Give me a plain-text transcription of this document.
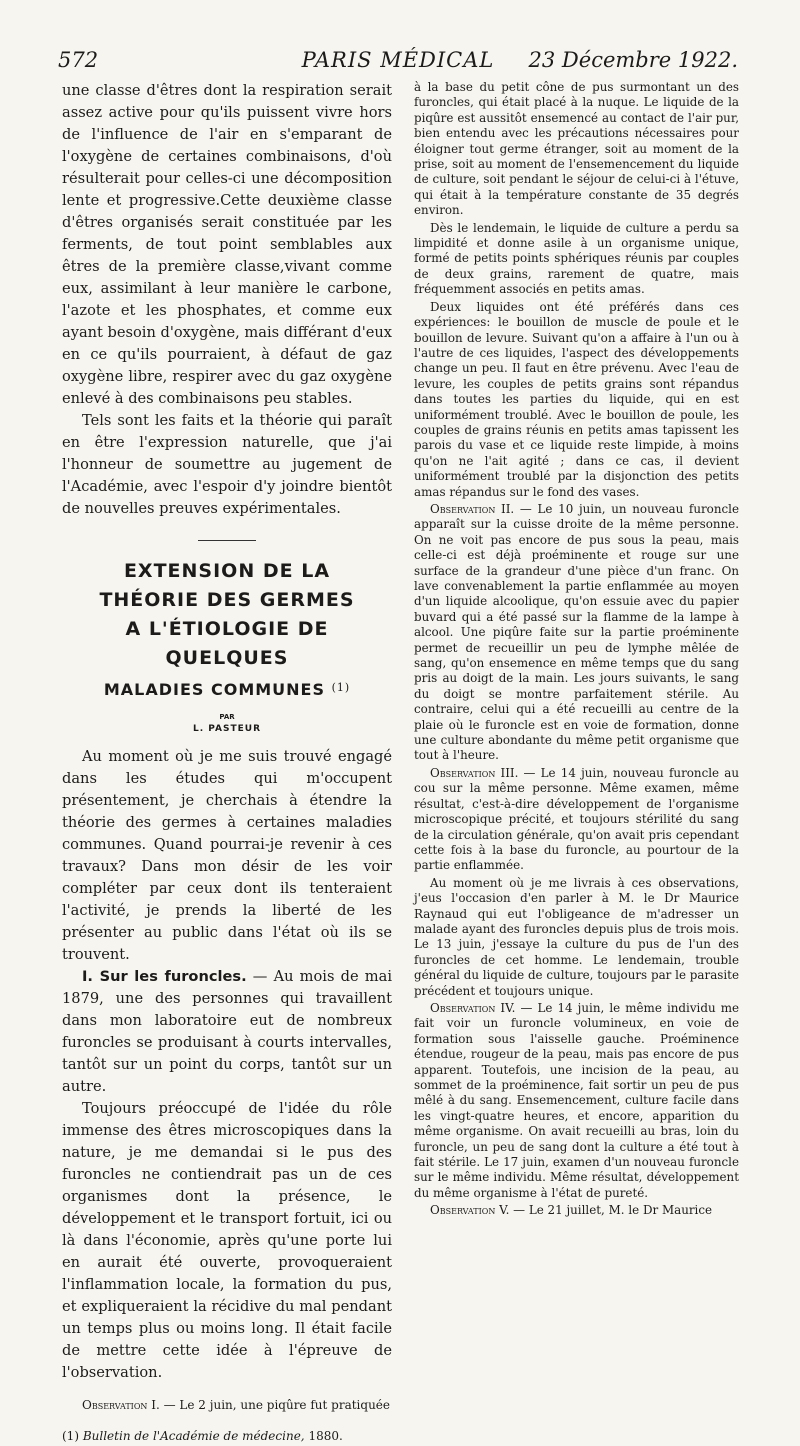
572	PARIS MÉDICAL	23 Décembre 1922.

une classe d'êtres dont la respiration serait assez active pour qu'ils puissent vivre hors de l'influence de l'air en s'emparant de l'oxygène de certaines combinaisons, d'où résulterait pour celles-ci une décomposition lente et progressive.Cette deuxième classe d'êtres organisés serait constituée par les ferments, de tout point semblables aux êtres de la première classe,vivant comme eux, assimilant à leur manière le carbone, l'azote et les phosphates, et comme eux ayant besoin d'oxygène, mais différant d'eux en ce qu'ils pourraient, à défaut de gaz oxygène libre, respirer avec du gaz oxygène enlevé à des combinaisons peu stables.

Tels sont les faits et la théorie qui paraît en être l'expression naturelle, que j'ai l'honneur de soumettre au jugement de l'Académie, avec l'espoir d'y joindre bientôt de nouvelles preuves expérimentales.

EXTENSION DE LA
THÉORIE DES GERMES
A L'ÉTIOLOGIE DE QUELQUES
MALADIES COMMUNES $^{(1)}$
PAR
L. PASTEUR

Au moment où je me suis trouvé engagé dans les études qui m'occupent présentement, je cherchais à étendre la théorie des germes à certaines maladies communes. Quand pourrai-je revenir à ces travaux? Dans mon désir de les voir compléter par ceux dont ils tenteraient l'activité, je prends la liberté de les présenter au public dans l'état où ils se trouvent.

I. Sur les furoncles. — Au mois de mai 1879, une des personnes qui travaillent dans mon laboratoire eut de nombreux furoncles se produisant à courts intervalles, tantôt sur un point du corps, tantôt sur un autre.

Toujours préoccupé de l'idée du rôle immense des êtres microscopiques dans la nature, je me demandai si le pus des furoncles ne contiendrait pas un de ces organismes dont la présence, le développement et le transport fortuit, ici ou là dans l'économie, après qu'une porte lui en aurait été ouverte, provoqueraient l'inflammation locale, la formation du pus, et expliqueraient la récidive du mal pendant un temps plus ou moins long. Il était facile de mettre cette idée à l'épreuve de l'observation.

Observation I. — Le 2 juin, une piqûre fut pratiquée

(1) Bulletin de l'Académie de médecine, 1880.

à la base du petit cône de pus surmontant un des furoncles, qui était placé à la nuque. Le liquide de la piqûre est aussitôt ensemencé au contact de l'air pur, bien entendu avec les précautions nécessaires pour éloigner tout germe étranger, soit au moment de la prise, soit au moment de l'ensemencement du liquide de culture, soit pendant le séjour de celui-ci à l'étuve, qui était à la température constante de 35 degrés environ.

Dès le lendemain, le liquide de culture a perdu sa limpidité et donne asile à un organisme unique, formé de petits points sphériques réunis par couples de deux grains, rarement de quatre, mais fréquemment associés en petits amas.

Deux liquides ont été préférés dans ces expériences: le bouillon de muscle de poule et le bouillon de levure. Suivant qu'on a affaire à l'un ou à l'autre de ces liquides, l'aspect des développements change un peu. Il faut en être prévenu. Avec l'eau de levure, les couples de petits grains sont répandus dans toutes les parties du liquide, qui en est uniformément troublé. Avec le bouillon de poule, les couples de grains réunis en petits amas tapissent les parois du vase et ce liquide reste limpide, à moins qu'on ne l'ait agité ; dans ce cas, il devient uniformément troublé par la disjonction des petits amas répandus sur le fond des vases.

Observation II. — Le 10 juin, un nouveau furoncle apparaît sur la cuisse droite de la même personne. On ne voit pas encore de pus sous la peau, mais celle-ci est déjà proéminente et rouge sur une surface de la grandeur d'une pièce d'un franc. On lave convenablement la partie enflammée au moyen d'un liquide alcoolique, qu'on essuie avec du papier buvard qui a été passé sur la flamme de la lampe à alcool. Une piqûre faite sur la partie proéminente permet de recueillir un peu de lymphe mêlée de sang, qu'on ensemence en même temps que du sang pris au doigt de la main. Les jours suivants, le sang du doigt se montre parfaitement stérile. Au contraire, celui qui a été recueilli au centre de la plaie où le furoncle est en voie de formation, donne une culture abondante du même petit organisme que tout à l'heure.

Observation III. — Le 14 juin, nouveau furoncle au cou sur la même personne. Même examen, même résultat, c'est-à-dire développement de l'organisme microscopique précité, et toujours stérilité du sang de la circulation générale, qu'on avait pris cependant cette fois à la base du furoncle, au pourtour de la partie enflammée.

Au moment où je me livrais à ces observations, j'eus l'occasion d'en parler à M. le Dr Maurice Raynaud qui eut l'obligeance de m'adresser un malade ayant des furoncles depuis plus de trois mois. Le 13 juin, j'essaye la culture du pus de l'un des furoncles de cet homme. Le lendemain, trouble général du liquide de culture, toujours par le parasite précédent et toujours unique.

Observation IV. — Le 14 juin, le même individu me fait voir un furoncle volumineux, en voie de formation sous l'aisselle gauche. Proéminence étendue, rougeur de la peau, mais pas encore de pus apparent. Toutefois, une incision de la peau, au sommet de la proéminence, fait sortir un peu de pus mêlé à du sang. Ensemencement, culture facile dans les vingt-quatre heures, et encore, apparition du même organisme. On avait recueilli au bras, loin du furoncle, un peu de sang dont la culture a été tout à fait stérile. Le 17 juin, examen d'un nouveau furoncle sur le même individu. Même résultat, développement du même organisme à l'état de pureté.

Observation V. — Le 21 juillet, M. le Dr Maurice
